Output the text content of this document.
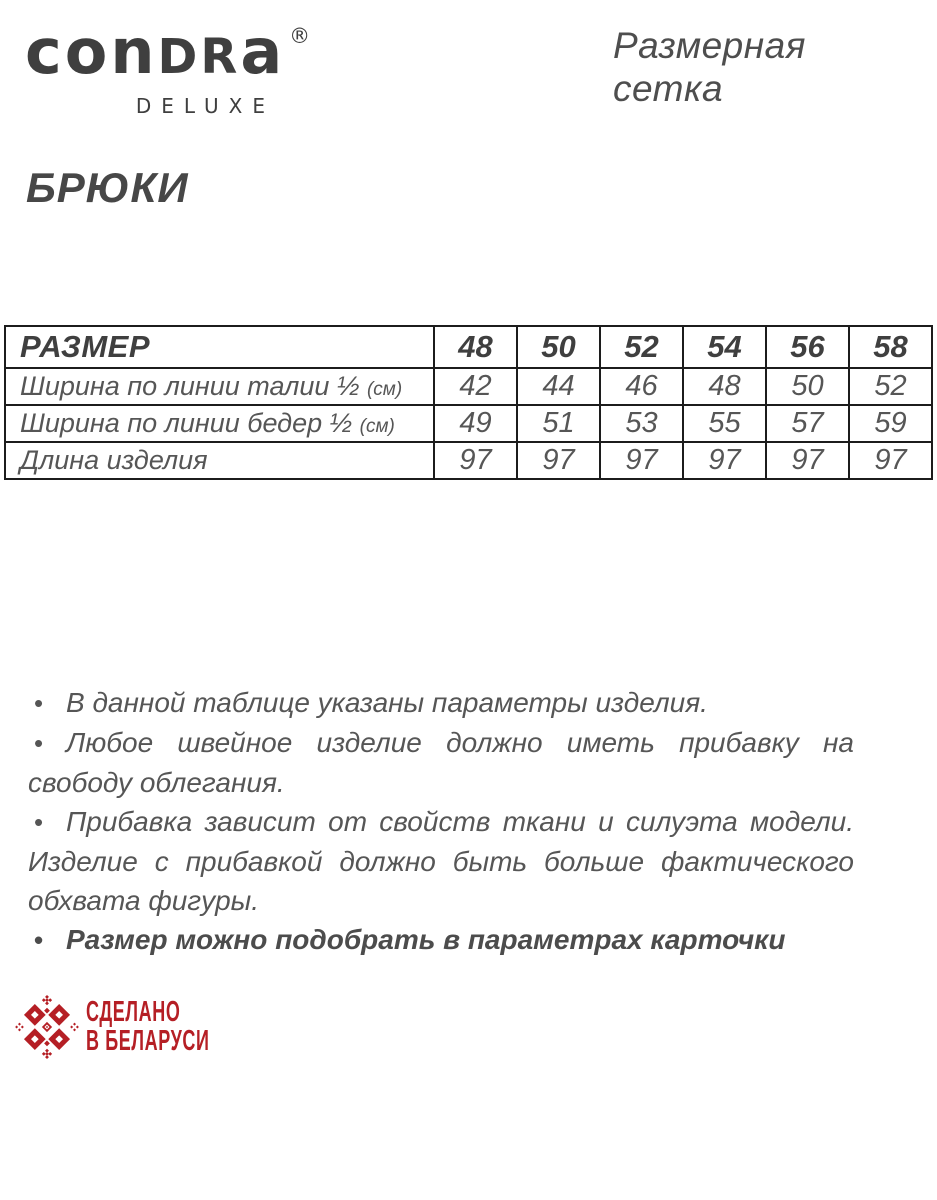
conDRa ®
DELUXE
Размерная
сетка
БРЮКИ
РАЗМЕР	48	50	52	54	56	58
Ширина по линии талии ½ (см)	42	44	46	48	50	52
Ширина по линии бедер ½ (см)	49	51	53	55	57	59
Длина изделия	97	97	97	97	97	97

• В данной таблице указаны параметры изделия.

• Любое швейное изделие должно иметь прибавку на свободу облегания.

• Прибавка зависит от свойств ткани и силуэта модели. Изделие с прибавкой должно быть больше фактического обхвата фигуры.

• Размер можно подобрать в параметрах карточки

СДЕЛАНО
В БЕЛАРУСИ
